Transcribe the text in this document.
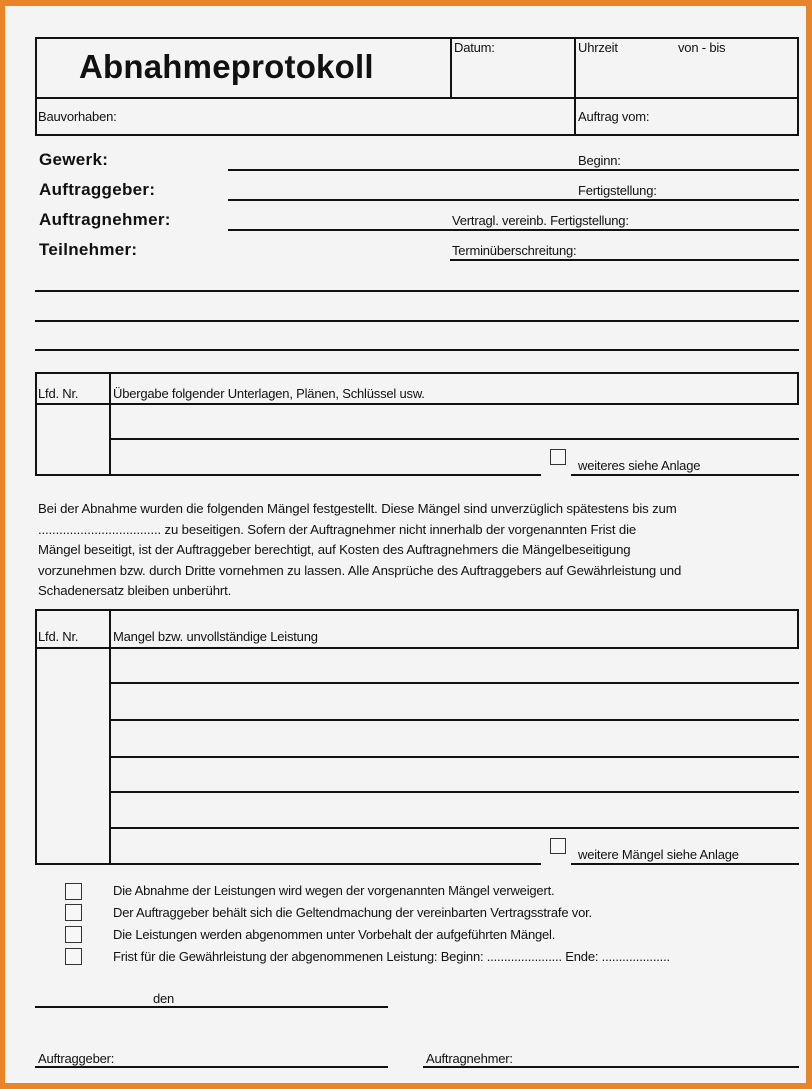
Abnahmeprotokoll
Datum:	Uhrzeit	von - bis
Bauvorhaben:	Auftrag vom:
Gewerk:
Auftraggeber:
Auftragnehmer:
Teilnehmer:
Beginn:
Fertigstellung:
Vertragl. vereinb. Fertigstellung:
Terminüberschreitung:
Lfd. Nr.	Übergabe folgender Unterlagen, Plänen, Schlüssel usw.
weiteres siehe Anlage
Bei der Abnahme wurden die folgenden Mängel festgestellt. Diese Mängel sind unverzüglich spätestens bis zum
................................... zu beseitigen. Sofern der Auftragnehmer nicht innerhalb der vorgenannten Frist die
Mängel beseitigt, ist der Auftraggeber berechtigt, auf Kosten des Auftragnehmers die Mängelbeseitigung
vorzunehmen bzw. durch Dritte vornehmen zu lassen. Alle Ansprüche des Auftraggebers auf Gewährleistung und
Schadenersatz bleiben unberührt.
Lfd. Nr.	Mangel bzw. unvollständige Leistung
weitere Mängel siehe Anlage
Die Abnahme der Leistungen wird wegen der vorgenannten Mängel verweigert.
Der Auftraggeber behält sich die Geltendmachung der vereinbarten Vertragsstrafe vor.
Die Leistungen werden abgenommen unter Vorbehalt der aufgeführten Mängel.
Frist für die Gewährleistung der abgenommenen Leistung: Beginn: ...................... Ende: ....................
den
Auftraggeber:	Auftragnehmer:
